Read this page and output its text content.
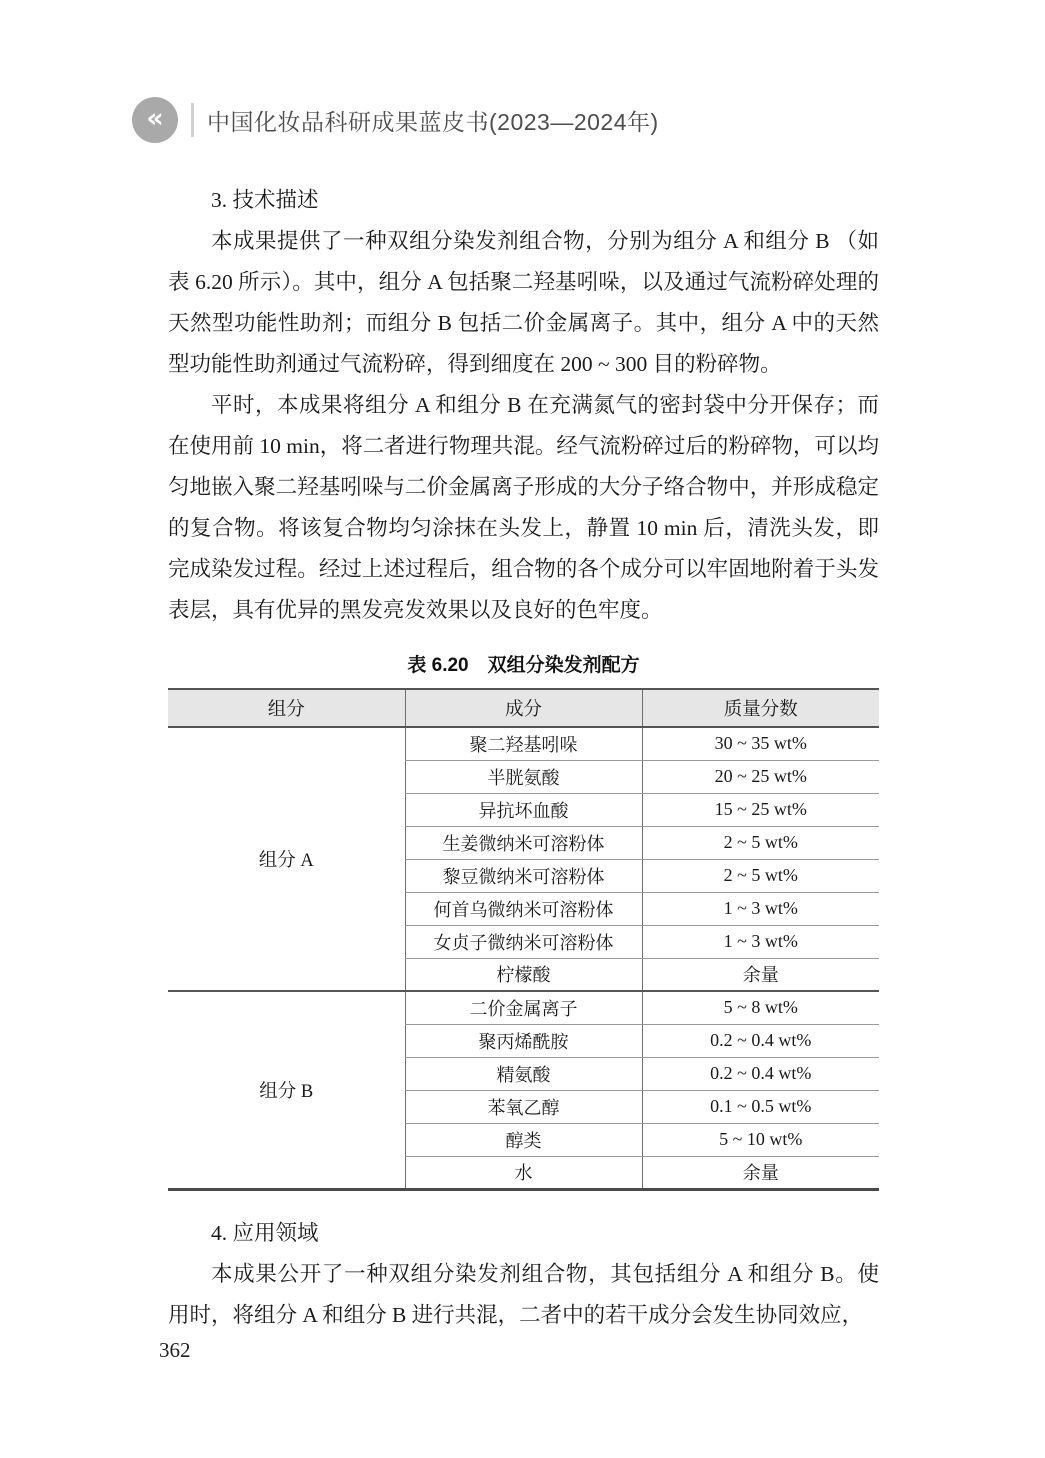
« 中国化妆品科研成果蓝皮书(2023—2024年)
3. 技术描述

本成果提供了一种双组分染发剂组合物，分别为组分 A 和组分 B （如表 6.20 所示）。其中，组分 A 包括聚二羟基吲哚，以及通过气流粉碎处理的天然型功能性助剂；而组分 B 包括二价金属离子。其中，组分 A 中的天然型功能性助剂通过气流粉碎，得到细度在 200 ~ 300 目的粉碎物。

平时，本成果将组分 A 和组分 B 在充满氮气的密封袋中分开保存；而在使用前 10 min，将二者进行物理共混。经气流粉碎过后的粉碎物，可以均匀地嵌入聚二羟基吲哚与二价金属离子形成的大分子络合物中，并形成稳定的复合物。将该复合物均匀涂抹在头发上，静置 10 min 后，清洗头发，即完成染发过程。经过上述过程后，组合物的各个成分可以牢固地附着于头发表层，具有优异的黑发亮发效果以及良好的色牢度。

表 6.20　双组分染发剂配方
组分	成分	质量分数
组分 A	聚二羟基吲哚	30 ~ 35 wt%
	半胱氨酸	20 ~ 25 wt%
	异抗坏血酸	15 ~ 25 wt%
	生姜微纳米可溶粉体	2 ~ 5 wt%
	黎豆微纳米可溶粉体	2 ~ 5 wt%
	何首乌微纳米可溶粉体	1 ~ 3 wt%
	女贞子微纳米可溶粉体	1 ~ 3 wt%
	柠檬酸	余量
组分 B	二价金属离子	5 ~ 8 wt%
	聚丙烯酰胺	0.2 ~ 0.4 wt%
	精氨酸	0.2 ~ 0.4 wt%
	苯氧乙醇	0.1 ~ 0.5 wt%
	醇类	5 ~ 10 wt%
	水	余量
4. 应用领域

本成果公开了一种双组分染发剂组合物，其包括组分 A 和组分 B。使用时，将组分 A 和组分 B 进行共混，二者中的若干成分会发生协同效应，

362
